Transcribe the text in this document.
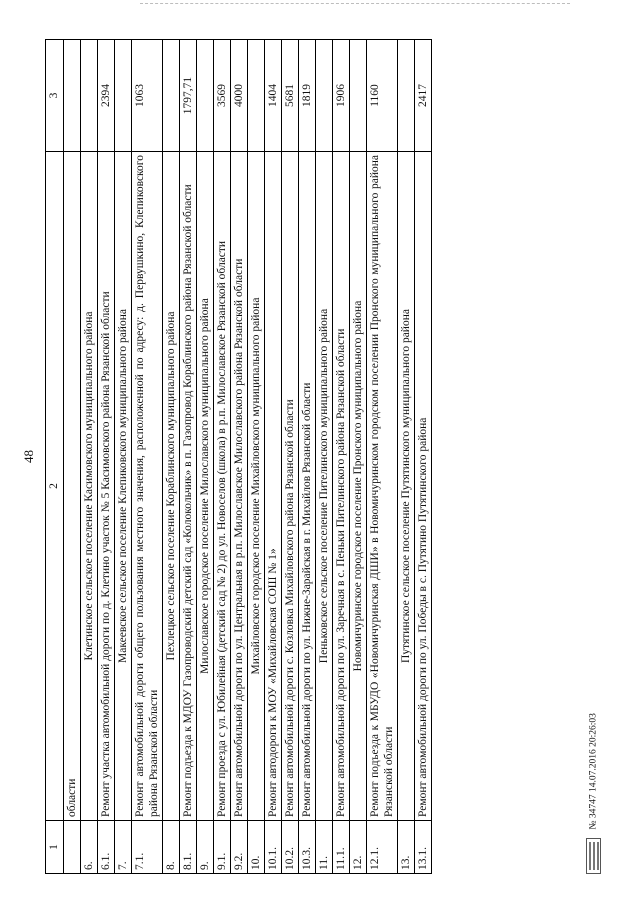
48
1	2	3
	области	
6.	Клетинское сельское поселение Касимовского муниципального района	
6.1.	Ремонт участка автомобильной дороги по д. Клетино участок № 5 Касимовского района Рязанской области	2394
7.	Макеевское сельское поселение Клепиковского муниципального района	
7.1.	Ремонт автомобильной дороги общего пользования местного значения, расположенной по адресу: д. Первушкино, Клепиковского района Рязанской области	1063
8.	Пехлецкое сельское поселение Кораблинского муниципального района	
8.1.	Ремонт подъезда к МДОУ Газопроводский детский сад «Колокольчик» в п. Газопровод Кораблинского района Рязанской области	1797,71
9.	Милославское городское поселение Милославского муниципального района	
9.1.	Ремонт проезда с ул. Юбилейная (детский сад № 2) до ул. Новоселов (школа) в р.п. Милославское Рязанской области	3569
9.2.	Ремонт автомобильной дороги по ул. Центральная в р.п. Милославское Милославского района Рязанской области	4000
10.	Михайловское городское поселение Михайловского муниципального района	
10.1.	Ремонт автодороги к МОУ «Михайловская СОШ № 1»	1404
10.2.	Ремонт автомобильной дороги с. Козловка Михайловского района Рязанской области	5681
10.3.	Ремонт автомобильной дороги по ул. Нижне-Зарайская в г. Михайлов Рязанской области	1819
11.	Пеньковское сельское поселение Пителинского муниципального района	
11.1.	Ремонт автомобильной дороги по ул. Заречная в с. Пеньки Пителинского района Рязанской области	1906
12.	Новомичуринское городское поселение Пронского муниципального района	
12.1.	Ремонт подъезда к МБУДО «Новомичуринская ДШИ» в Новомичуринском городском поселении Пронского муниципального района Рязанской области	1160
13.	Путятинское сельское поселение Путятинского муниципального района	
13.1.	Ремонт автомобильной дороги по ул. Победы в с. Путятино Путятинского района	2417
№ 34747 14.07.2016 20:26:03
